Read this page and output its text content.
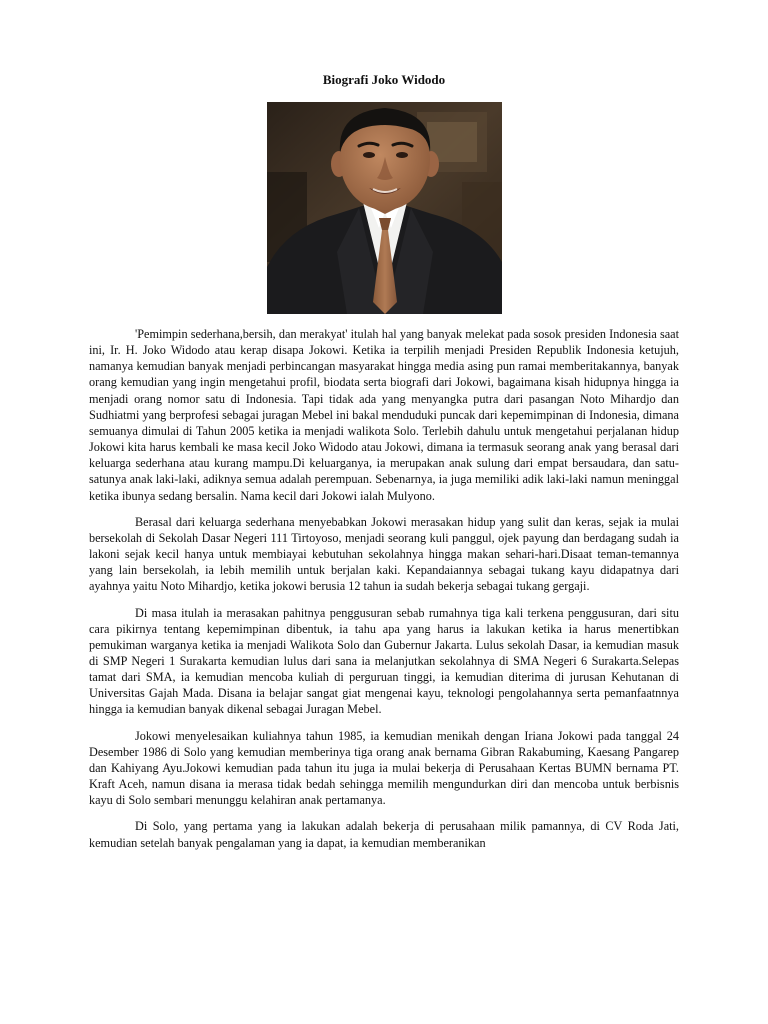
Biografi Joko Widodo

'Pemimpin sederhana,bersih, dan merakyat' itulah hal yang banyak melekat pada sosok presiden Indonesia saat ini, Ir. H. Joko Widodo atau kerap disapa Jokowi. Ketika ia terpilih menjadi Presiden Republik Indonesia ketujuh, namanya kemudian banyak menjadi perbincangan masyarakat hingga media asing pun ramai memberitakannya, banyak orang kemudian yang ingin mengetahui profil, biodata serta biografi dari Jokowi, bagaimana kisah hidupnya hingga ia menjadi orang nomor satu di Indonesia. Tapi tidak ada yang menyangka putra dari pasangan Noto Mihardjo dan Sudhiatmi yang berprofesi sebagai juragan Mebel ini bakal menduduki puncak dari kepemimpinan di Indonesia, dimana semuanya dimulai di Tahun 2005 ketika ia menjadi walikota Solo. Terlebih dahulu untuk mengetahui perjalanan hidup Jokowi kita harus kembali ke masa kecil Joko Widodo atau Jokowi, dimana ia termasuk seorang anak yang berasal dari keluarga sederhana atau kurang mampu.Di keluarganya, ia merupakan anak sulung dari empat bersaudara, dan satu-satunya anak laki-laki, adiknya semua adalah perempuan. Sebenarnya, ia juga memiliki adik laki-laki namun meninggal ketika ibunya sedang bersalin. Nama kecil dari Jokowi ialah Mulyono.

Berasal dari keluarga sederhana menyebabkan Jokowi merasakan hidup yang sulit dan keras, sejak ia mulai bersekolah di Sekolah Dasar Negeri 111 Tirtoyoso, menjadi seorang kuli panggul, ojek payung dan berdagang sudah ia lakoni sejak kecil hanya untuk membiayai kebutuhan sekolahnya hingga makan sehari-hari.Disaat teman-temannya yang lain bersekolah, ia lebih memilih untuk berjalan kaki. Kepandaiannya sebagai tukang kayu didapatnya dari ayahnya yaitu Noto Mihardjo, ketika jokowi berusia 12 tahun ia sudah bekerja sebagai tukang gergaji.

Di masa itulah ia merasakan pahitnya penggusuran sebab rumahnya tiga kali terkena penggusuran, dari situ cara pikirnya tentang kepemimpinan dibentuk, ia tahu apa yang harus ia lakukan ketika ia harus menertibkan pemukiman warganya ketika ia menjadi Walikota Solo dan Gubernur Jakarta. Lulus sekolah Dasar, ia kemudian masuk di SMP Negeri 1 Surakarta kemudian lulus dari sana ia melanjutkan sekolahnya di SMA Negeri 6 Surakarta.Selepas tamat dari SMA, ia kemudian mencoba kuliah di perguruan tinggi, ia kemudian diterima di jurusan Kehutanan di Universitas Gajah Mada. Disana ia belajar sangat giat mengenai kayu, teknologi pengolahannya serta pemanfaatnnya hingga ia kemudian banyak dikenal sebagai Juragan Mebel.

Jokowi menyelesaikan kuliahnya tahun 1985, ia kemudian menikah dengan Iriana Jokowi pada tanggal 24 Desember 1986 di Solo yang kemudian memberinya tiga orang anak bernama Gibran Rakabuming, Kaesang Pangarep dan Kahiyang Ayu.Jokowi kemudian pada tahun itu juga ia mulai bekerja di Perusahaan Kertas BUMN bernama PT. Kraft Aceh, namun disana ia merasa tidak bedah sehingga memilih mengundurkan diri dan mencoba untuk berbisnis kayu di Solo sembari menunggu kelahiran anak pertamanya.

Di Solo, yang pertama yang ia lakukan adalah bekerja di perusahaan milik pamannya, di CV Roda Jati, kemudian setelah banyak pengalaman yang ia dapat, ia kemudian memberanikan
